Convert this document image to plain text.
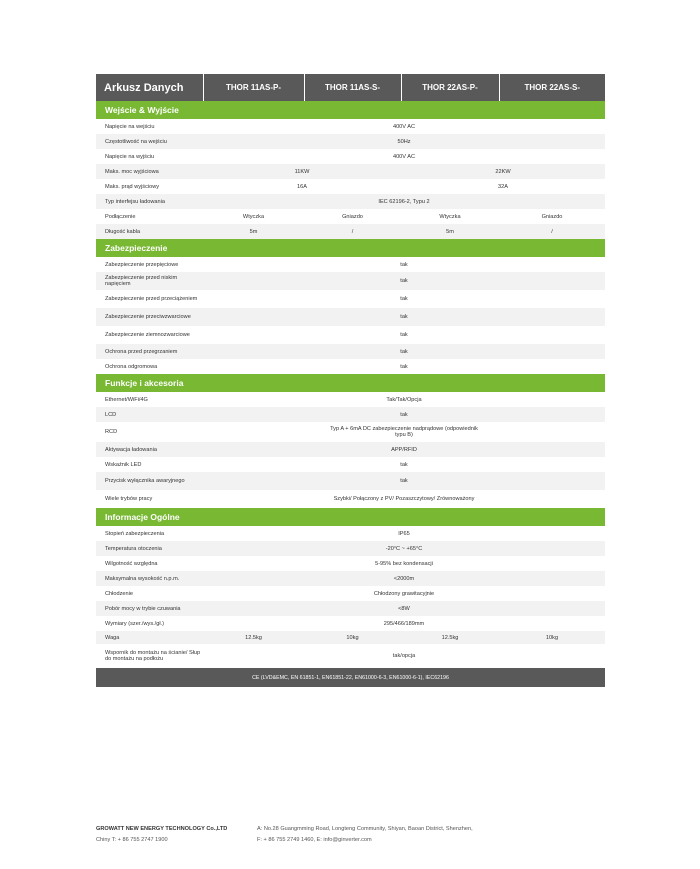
Arkusz Danych	THOR 11AS-P-	THOR 11AS-S-	THOR 22AS-P-	THOR 22AS-S-
Wejście & Wyjście				
Napięcie na wejściu	400V AC			
Częstotliwość na wejściu	50Hz			
Napięcie na wyjściu	400V AC			
Maks. moc wyjściowa	11KW		22KW	
Maks. prąd wyjściowy	16A		32A	
Typ interfejsu ładowania	IEC 62196-2, Typu 2			
Podłączenie	Wtyczka	Gniazdo	Wtyczka	Gniazdo
Długość kabla	5m	/	5m	/
Zabezpieczenie				
Zabezpieczenie przepięciowe	tak			
Zabezpieczenie przed niskim napięciem	tak			
Zabezpieczenie przed przeciążeniem	tak			
Zabezpieczenie przeciwzwarciowe	tak			
Zabezpieczenie ziemnozwarciowe	tak			
Ochrona przed przegrzaniem	tak			
Ochrona odgromowa	tak			
Funkcje i akcesoria				
Ethernet/WiFi/4G	Tak/Tak/Opcja			
LCD	tak			
RCD	Typ A + 6mA DC zabezpieczenie nadprądowe (odpowiednik typu B)			

Aktywacja ładowania	APP/RFID			
Wskaźnik LED	tak			
Przycisk wyłącznika awaryjnego	tak			
Wiele trybów pracy	Szybki/ Połączony z PV/ Pozaszczytowy/ Zrównoważony			

Informacje Ogólne				
Stopień zabezpieczenia	IP65			
Temperatura otoczenia	-20°C ~ +65°C			
Wilgotność względna	5-95% bez kondensacji			
Maksymalna wysokość n.p.m.	<2000m			
Chłodzenie	Chłodzony grawitacyjnie			
Pobór mocy w trybie czuwania	<8W			
Wymiary (szer./wys./gł.)	295/466/189mm			
Waga	12.5kg	10kg	12.5kg	10kg
Wspornik do montażu na ścianie/ Słup do montażu na podłożu	tak/opcja			
CE (LVD&EMC, EN 61851-1, EN61851-22, EN61000-6-3, EN61000-6-1), IEC62196				
GROWATT NEW ENERGY TECHNOLOGY Co.,LTD
Chiny T: + 86 755 2747 1900
A: No.28 Guangmming Road, Longteng Community, Shiyan, Baoan District, Shenzhen,
F: + 86 755 2749 1460, E: info@ginverter.com
